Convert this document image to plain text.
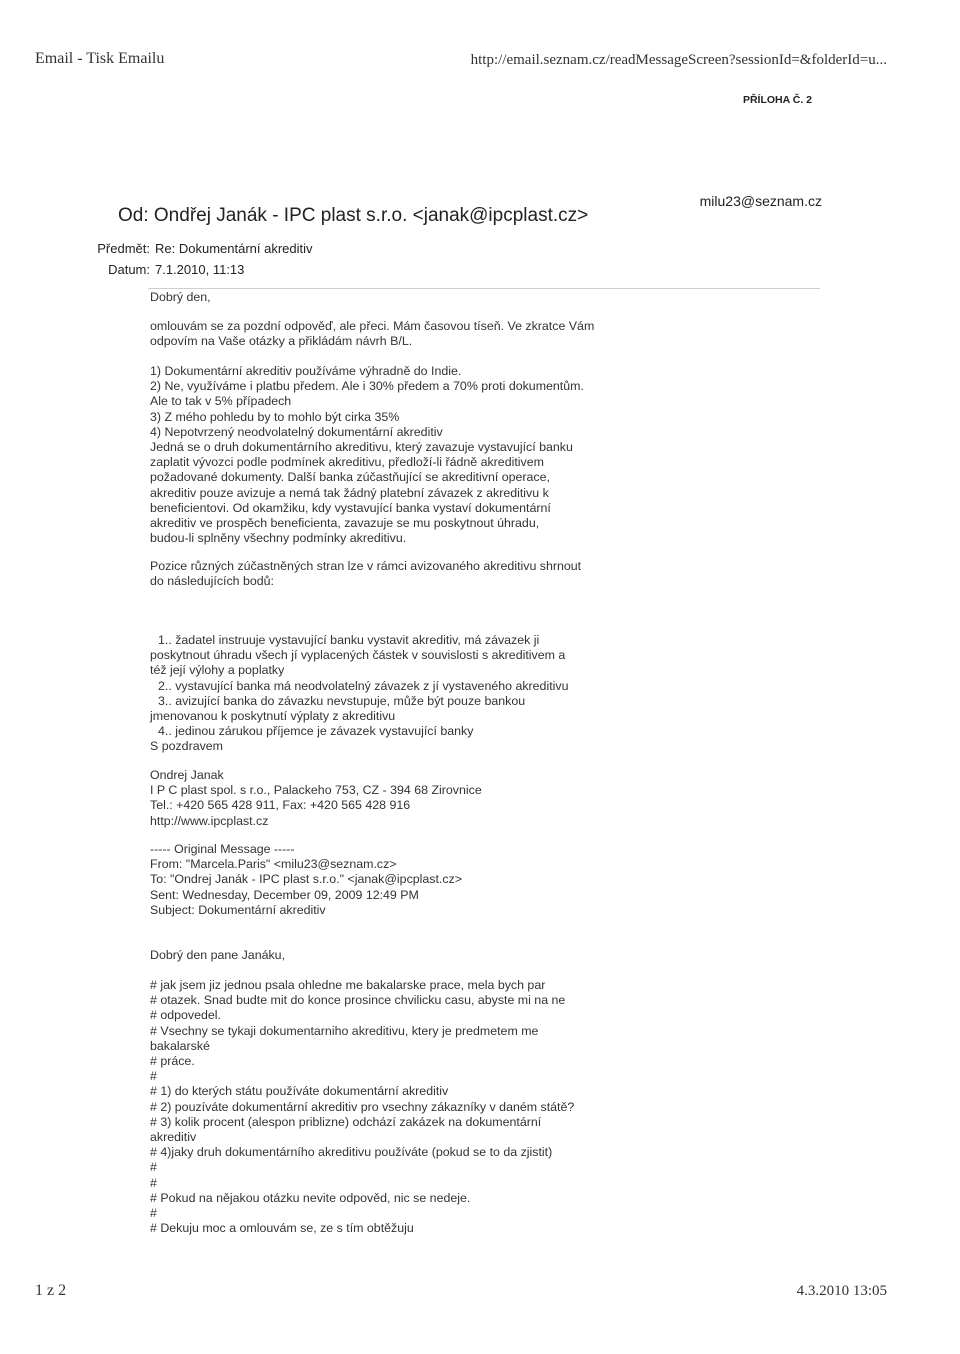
Email - Tisk Emailu	http://email.seznam.cz/readMessageScreen?sessionId=&folderId=u...
PŘÍLOHA Č. 2
Od: Ondřej Janák - IPC plast s.r.o. <janak@ipcplast.cz>
milu23@seznam.cz
Předmět: Re: Dokumentární akreditiv
Datum: 7.1.2010, 11:13
Dobrý den,
omlouvám se za pozdní odpověď, ale přeci. Mám časovou tíseň. Ve zkratce Vám
odpovím na Vaše otázky a přikládám návrh B/L.
1) Dokumentární akreditiv používáme výhradně do Indie.
2) Ne, využíváme i platbu předem. Ale i 30% předem a 70% proti dokumentům.
Ale to tak v 5% případech
3) Z mého pohledu by to mohlo být cirka 35%
4) Nepotvrzený neodvolatelný dokumentární akreditiv
Jedná se o druh dokumentárního akreditivu, který zavazuje vystavující banku
zaplatit vývozci podle podmínek akreditivu, předloží-li řádně akreditivem
požadované dokumenty. Další banka zúčastňující se akreditivní operace,
akreditiv pouze avizuje a nemá tak žádný platební závazek z akreditivu k
beneficientovi. Od okamžiku, kdy vystavující banka vystaví dokumentární
akreditiv ve prospěch beneficienta, zavazuje se mu poskytnout úhradu,
budou-li splněny všechny podmínky akreditivu.
Pozice různých zúčastněných stran lze v rámci avizovaného akreditivu shrnout
do následujících bodů:
1.. žadatel instruuje vystavující banku vystavit akreditiv, má závazek ji
poskytnout úhradu všech jí vyplacených částek v souvislosti s akreditivem a
též její výlohy a poplatky
2.. vystavující banka má neodvolatelný závazek z jí vystaveného akreditivu
3.. avizující banka do závazku nevstupuje, může být pouze bankou
jmenovanou k poskytnutí výplaty z akreditivu
4.. jedinou zárukou příjemce je závazek vystavující banky
S pozdravem
Ondrej Janak
I P C plast spol. s r.o., Palackeho 753, CZ - 394 68 Zirovnice
Tel.: +420 565 428 911, Fax: +420 565 428 916
http://www.ipcplast.cz
----- Original Message -----
From: "Marcela.Paris" <milu23@seznam.cz>
To: "Ondrej Janák - IPC plast s.r.o." <janak@ipcplast.cz>
Sent: Wednesday, December 09, 2009 12:49 PM
Subject: Dokumentární akreditiv
Dobrý den pane Janáku,
# jak jsem jiz jednou psala ohledne me bakalarske prace, mela bych par
# otazek. Snad budte mit do konce prosince chvilicku casu, abyste mi na ne
# odpovedel.
# Vsechny se tykaji dokumentarniho akreditivu, ktery je predmetem me
bakalarské
# práce.
#
# 1) do kterých státu používáte dokumentární akreditiv
# 2) pouzíváte dokumentární akreditiv pro vsechny zákazníky v daném státě?
# 3) kolik procent (alespon priblizne) odchází zakázek na dokumentární
akreditiv
# 4)jaky druh dokumentárního akreditivu používáte (pokud se to da zjistit)
#
#
# Pokud na nějakou otázku nevite odpověd, nic se nedeje.
#
# Dekuju moc a omlouvám se, ze s tím obtěžuju
1 z 2	4.3.2010 13:05
